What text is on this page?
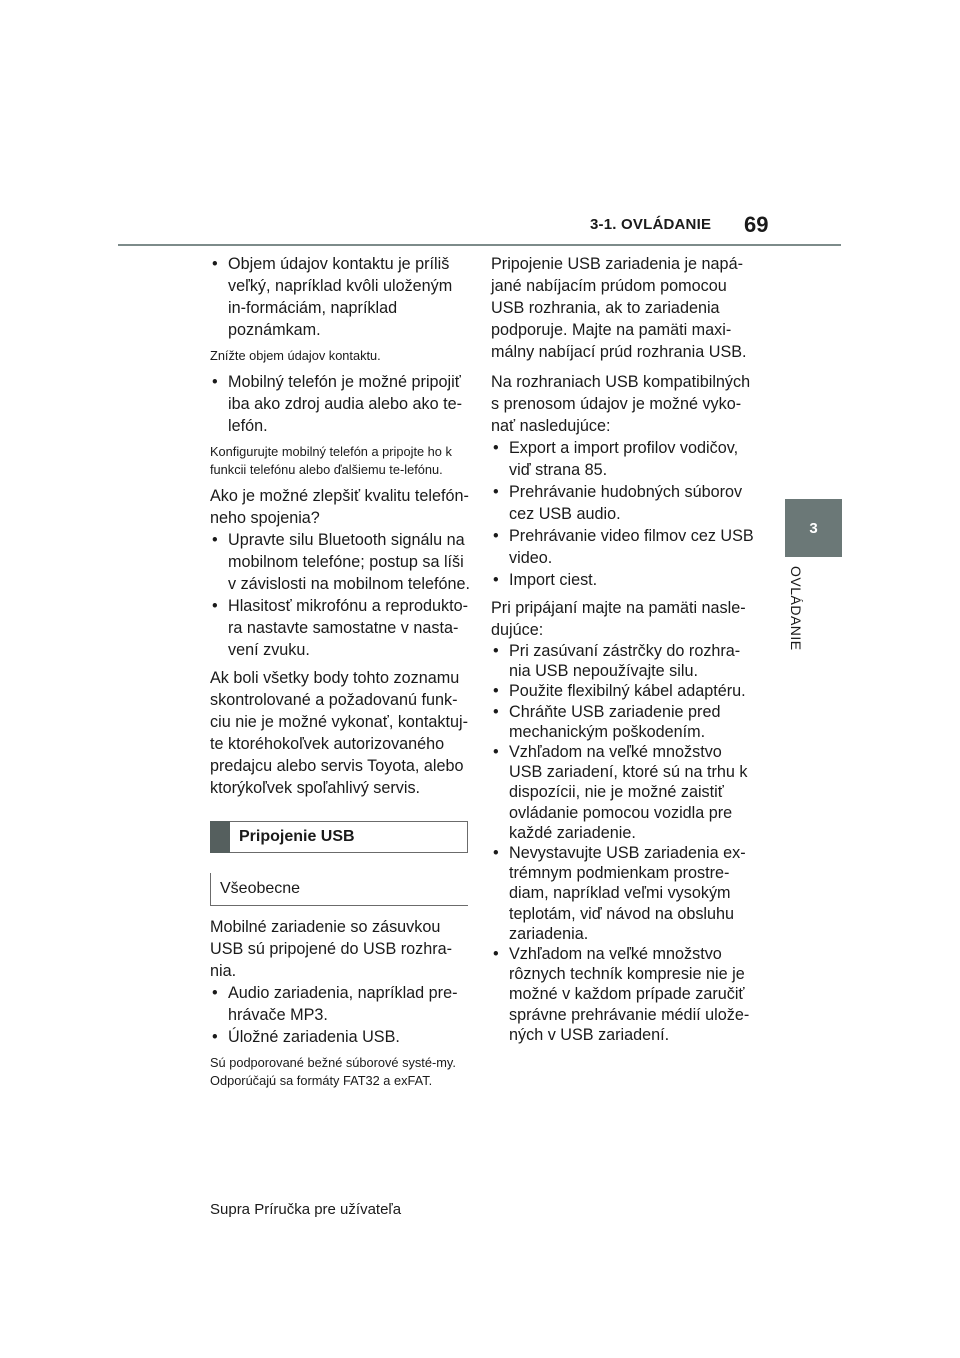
3-1. OVLÁDANIE 69
3
OVLÁDANIE
• Objem údajov kontaktu je príliš veľký, napríklad kvôli uloženým in-formáciám, napríklad poznámkam.

Znížte objem údajov kontaktu.

• Mobilný telefón je možné pripojiť iba ako zdroj audia alebo ako te-lefón.

Konfigurujte mobilný telefón a pripojte ho k funkcii telefónu alebo ďalšiemu te-lefónu.

Ako je možné zlepšiť kvalitu telefón-neho spojenia?

• Upravte silu Bluetooth signálu na mobilnom telefóne; postup sa líši v závislosti na mobilnom telefóne.
• Hlasitosť mikrofónu a reprodukto-ra nastavte samostatne v nasta-vení zvuku.

Ak boli všetky body tohto zoznamu skontrolované a požadovanú funk-ciu nie je možné vykonať, kontaktuj-te ktoréhokoľvek autorizovaného predajcu alebo servis Toyota, alebo ktorýkoľvek spoľahlivý servis.

Pripojenie USB
Všeobecne

Mobilné zariadenie so zásuvkou USB sú pripojené do USB rozhra-nia.

• Audio zariadenia, napríklad pre-hrávače MP3.
• Úložné zariadenia USB.

Sú podporované bežné súborové systé-my. Odporúčajú sa formáty FAT32 a exFAT.

Pripojenie USB zariadenia je napá-jané nabíjacím prúdom pomocou USB rozhrania, ak to zariadenia podporuje. Majte na pamäti maxi-málny nabíjací prúd rozhrania USB.

Na rozhraniach USB kompatibilných s prenosom údajov je možné vyko-nať nasledujúce:

• Export a import profilov vodičov, viď strana 85.
• Prehrávanie hudobných súborov cez USB audio.
• Prehrávanie video filmov cez USB video.
• Import ciest.

Pri pripájaní majte na pamäti nasle-dujúce:

• Pri zasúvaní zástrčky do rozhra-nia USB nepoužívajte silu.
• Použite flexibilný kábel adaptéru.
• Chráňte USB zariadenie pred mechanickým poškodením.
• Vzhľadom na veľké množstvo USB zariadení, ktoré sú na trhu k dispozícii, nie je možné zaistiť ovládanie pomocou vozidla pre každé zariadenie.
• Nevystavujte USB zariadenia ex-trémnym podmienkam prostre-diam, napríklad veľmi vysokým teplotám, viď návod na obsluhu zariadenia.
• Vzhľadom na veľké množstvo rôznych techník kompresie nie je možné v každom prípade zaručiť správne prehrávanie médií ulože-ných v USB zariadení.
Supra Príručka pre užívateľa
